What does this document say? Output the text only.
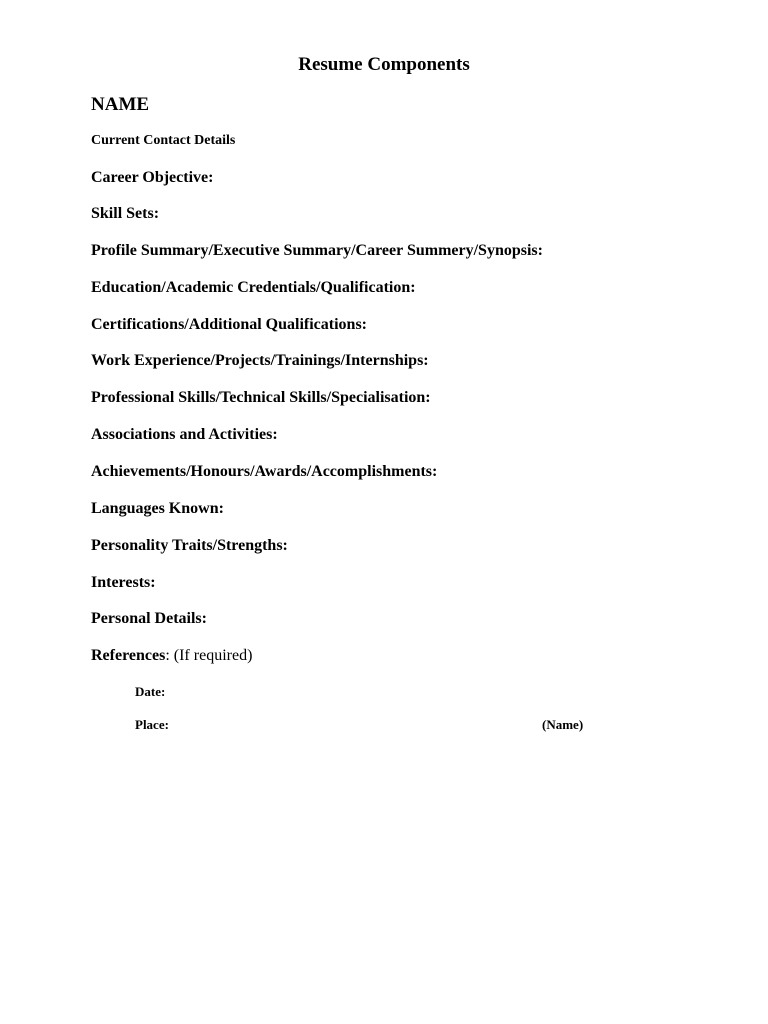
Resume Components
NAME
Current Contact Details
Career Objective:
Skill Sets:
Profile Summary/Executive Summary/Career Summery/Synopsis:
Education/Academic Credentials/Qualification:
Certifications/Additional Qualifications:
Work Experience/Projects/Trainings/Internships:
Professional Skills/Technical Skills/Specialisation:
Associations and Activities:
Achievements/Honours/Awards/Accomplishments:
Languages Known:
Personality Traits/Strengths:
Interests:
Personal Details:
References: (If required)
Date:
Place:	(Name)
